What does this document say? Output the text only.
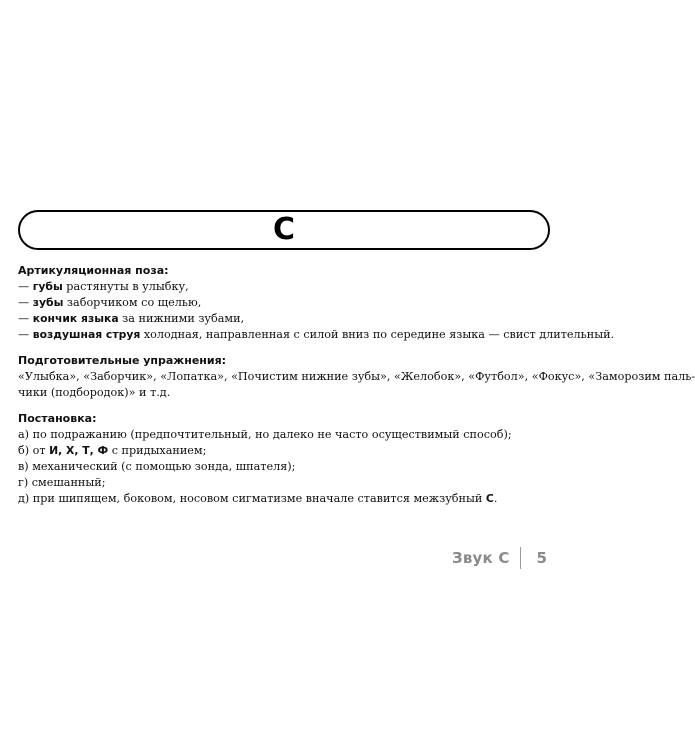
С

Артикуляционная поза:

— губы растянуты в улыбку,

— зубы заборчиком со щелью,

— кончик языка за нижними зубами,

— воздушная струя холодная, направленная с силой вниз по середине языка — свист длительный.

Подготовительные упражнения:

«Улыбка», «Заборчик», «Лопатка», «Почистим нижние зубы», «Желобок», «Футбол», «Фокус», «Заморозим паль-

чики (подбородок)» и т.д.

Постановка:

а) по подражанию (предпочтительный, но далеко не часто осуществимый способ);

б) от И, Х, Т, Ф с придыханием;

в) механический (с помощью зонда, шпателя);

г) смешанный;

д) при шипящем, боковом, носовом сигматизме вначале ставится межзубный С.

Звук С 5
